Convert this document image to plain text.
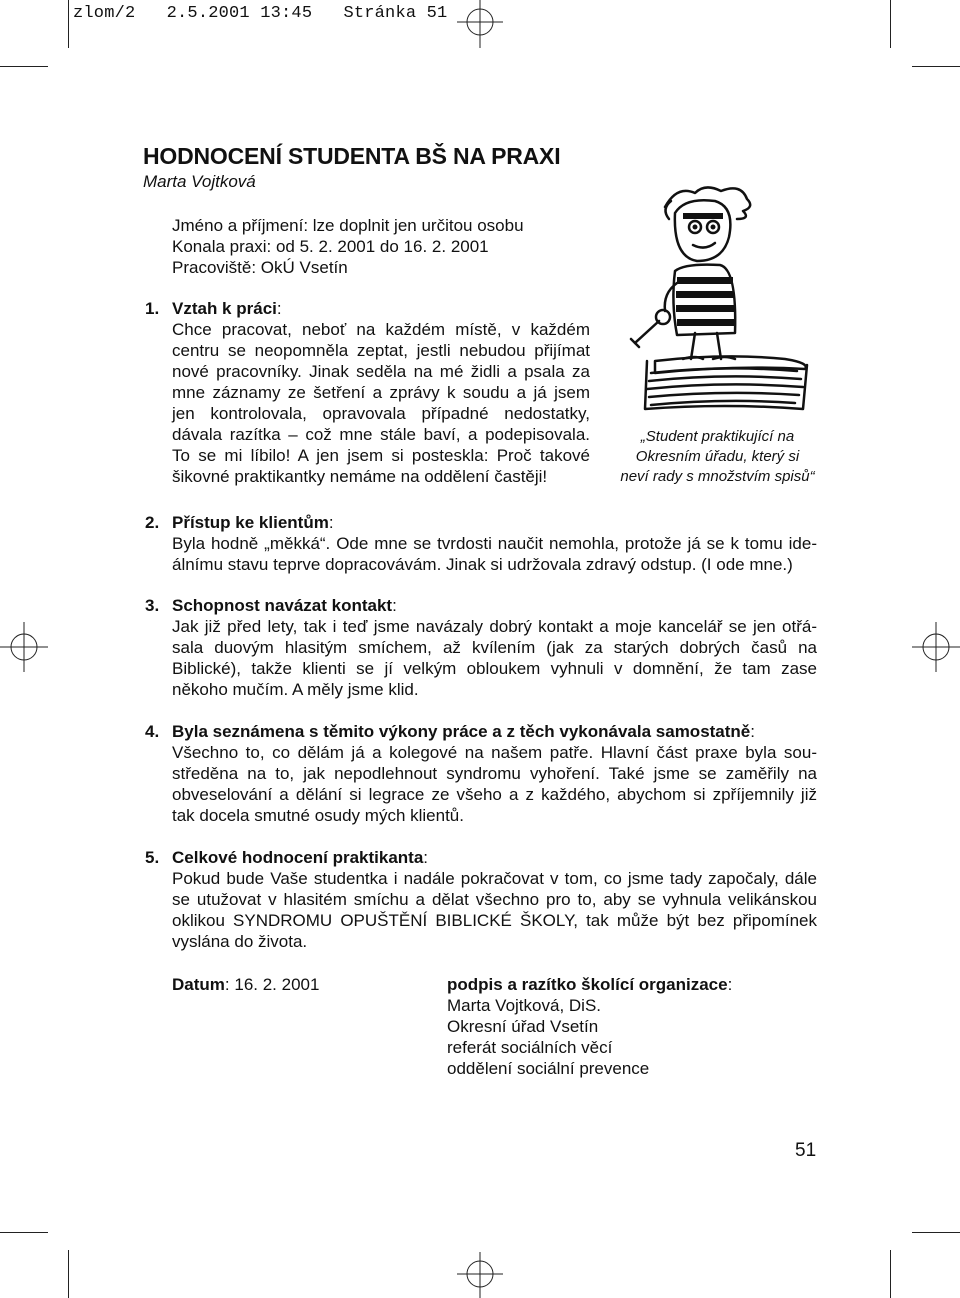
zlom/2   2.5.2001 13:45   Stránka 51
HODNOCENÍ STUDENTA BŠ NA PRAXI
Marta Vojtková
Jméno a příjmení: lze doplnit jen určitou osobu
Konala praxi: od 5. 2. 2001 do 16. 2. 2001
Pracoviště: OkÚ Vsetín
1. Vztah k práci:
Chce pracovat, neboť na každém místě, v každém
centru se neopomněla zeptat, jestli nebudou přijímat
nové pracovníky. Jinak seděla na mé židli a psala za
mne záznamy ze šetření a zprávy k soudu a já jsem
jen kontrolovala, opravovala případné nedostatky,
dávala razítka – což mne stále baví, a podepisovala.
To se mi líbilo! A jen jsem si posteskla: Proč takové
šikovné praktikantky nemáme na oddělení častěji!
„Student praktikující na
Okresním úřadu, který si
neví rady s množstvím spisů“
2. Přístup ke klientům:
Byla hodně „měkká“. Ode mne se tvrdosti naučit nemohla, protože já se k tomu ide-
álnímu stavu teprve dopracovávám. Jinak si udržovala zdravý odstup. (I ode mne.)
3. Schopnost navázat kontakt:
Jak již před lety, tak i teď jsme navázaly dobrý kontakt a moje kancelář se jen otřá-
sala duovým hlasitým smíchem, až kvílením (jak za starých dobrých časů na
Biblické), takže klienti se jí velkým obloukem vyhnuli v domnění, že tam zase
někoho mučím. A měly jsme klid.
4. Byla seznámena s těmito výkony práce a z těch vykonávala samostatně:
Všechno to, co dělám já a kolegové na našem patře. Hlavní část praxe byla sou-
středěna na to, jak nepodlehnout syndromu vyhoření. Také jsme se zaměřily na
obveselování a dělání si legrace ze všeho a z každého, abychom si zpříjemnily již
tak docela smutné osudy mých klientů.
5. Celkové hodnocení praktikanta:
Pokud bude Vaše studentka i nadále pokračovat v tom, co jsme tady započaly, dále
se utužovat v hlasitém smíchu a dělat všechno pro to, aby se vyhnula velikánskou
oklikou SYNDROMU OPUŠTĚNÍ BIBLICKÉ ŠKOLY, tak může být bez připomínek
vyslána do života.
Datum: 16. 2. 2001	podpis a razítko školící organizace:
Marta Vojtková, DiS.
Okresní úřad Vsetín
referát sociálních věcí
oddělení sociální prevence
51
